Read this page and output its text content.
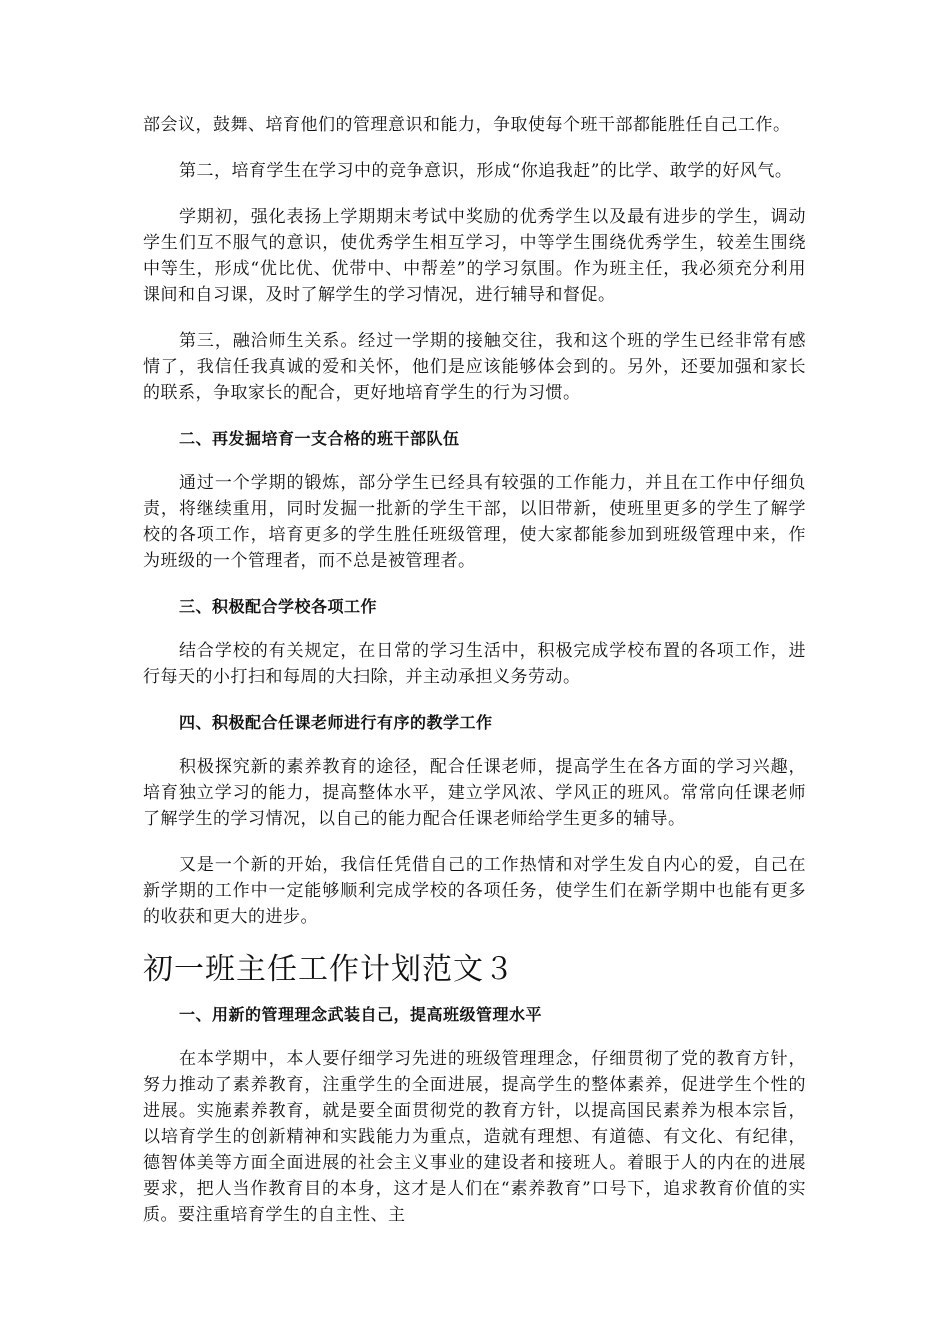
部会议，鼓舞、培育他们的管理意识和能力，争取使每个班干部都能胜任自己工作。

第二，培育学生在学习中的竞争意识，形成“你追我赶”的比学、敢学的好风气。

学期初，强化表扬上学期期末考试中奖励的优秀学生以及最有进步的学生，调动学生们互不服气的意识，使优秀学生相互学习，中等学生围绕优秀学生，较差生围绕中等生，形成“优比优、优带中、中帮差”的学习氛围。作为班主任，我必须充分利用课间和自习课，及时了解学生的学习情况，进行辅导和督促。

第三，融洽师生关系。经过一学期的接触交往，我和这个班的学生已经非常有感情了，我信任我真诚的爱和关怀，他们是应该能够体会到的。另外，还要加强和家长的联系，争取家长的配合，更好地培育学生的行为习惯。

二、再发掘培育一支合格的班干部队伍

通过一个学期的锻炼，部分学生已经具有较强的工作能力，并且在工作中仔细负责，将继续重用，同时发掘一批新的学生干部，以旧带新，使班里更多的学生了解学校的各项工作，培育更多的学生胜任班级管理，使大家都能参加到班级管理中来，作为班级的一个管理者，而不总是被管理者。

三、积极配合学校各项工作

结合学校的有关规定，在日常的学习生活中，积极完成学校布置的各项工作，进行每天的小打扫和每周的大扫除，并主动承担义务劳动。

四、积极配合任课老师进行有序的教学工作

积极探究新的素养教育的途径，配合任课老师，提高学生在各方面的学习兴趣，培育独立学习的能力，提高整体水平，建立学风浓、学风正的班风。常常向任课老师了解学生的学习情况，以自己的能力配合任课老师给学生更多的辅导。

又是一个新的开始，我信任凭借自己的工作热情和对学生发自内心的爱，自己在新学期的工作中一定能够顺利完成学校的各项任务，使学生们在新学期中也能有更多的收获和更大的进步。

初一班主任工作计划范文３

一、用新的管理理念武装自己，提高班级管理水平

在本学期中，本人要仔细学习先进的班级管理理念，仔细贯彻了党的教育方针，努力推动了素养教育，注重学生的全面进展，提高学生的整体素养，促进学生个性的进展。实施素养教育，就是要全面贯彻党的教育方针，以提高国民素养为根本宗旨，以培育学生的创新精神和实践能力为重点，造就有理想、有道德、有文化、有纪律，德智体美等方面全面进展的社会主义事业的建设者和接班人。着眼于人的内在的进展要求，把人当作教育目的本身，这才是人们在“素养教育”口号下，追求教育价值的实质。要注重培育学生的自主性、主
